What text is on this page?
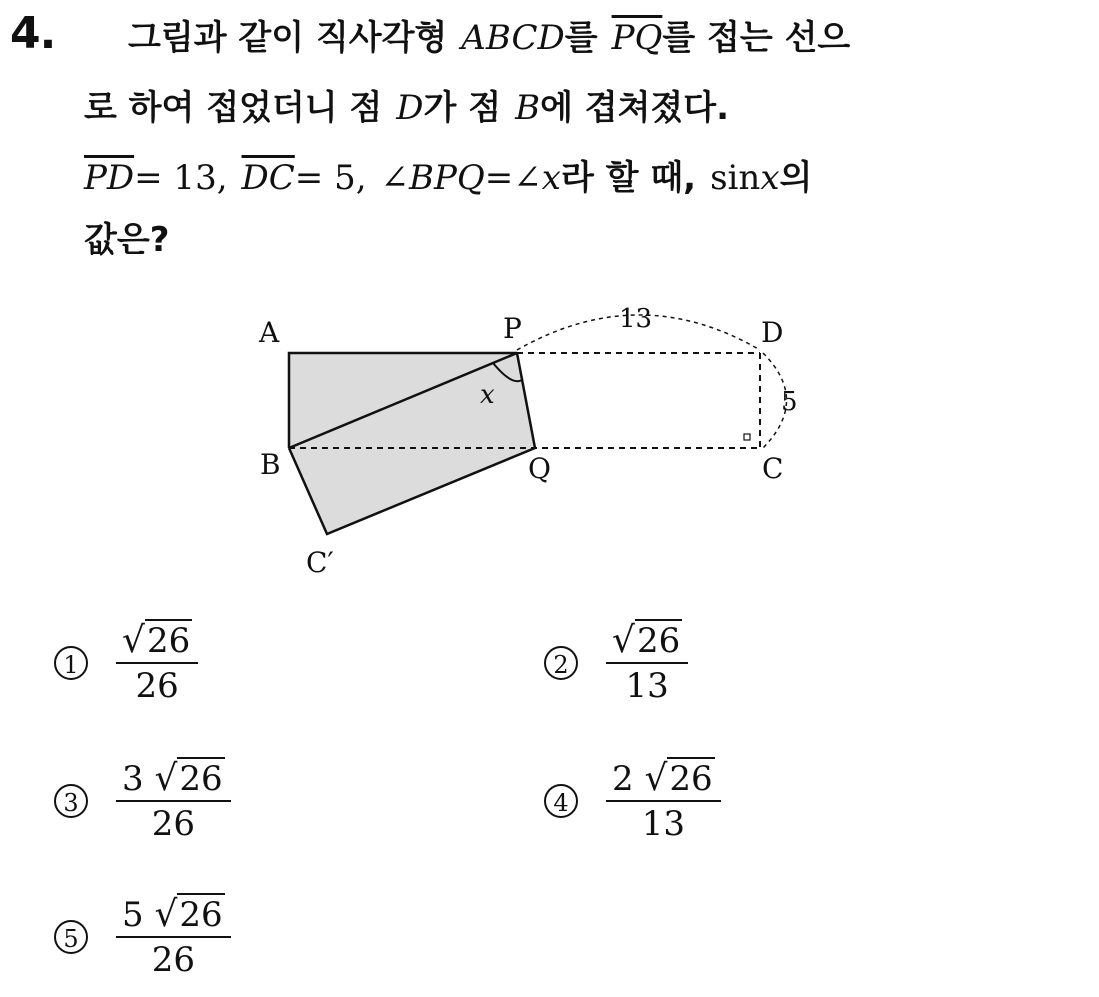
4. 그림과 같이 직사각형 ABCD를 $\overline{PQ}$를 접는 선으
로 하여 접었더니 점 D가 점 B에 겹쳐졌다.
$\overline{PD}= 13$, $\overline{DC}= 5$, ∠BPQ=∠x라 할 때, sinx의
값은?
A	P	D
B	Q	C
C′
13
5
x
1
√26
26
2
√26
13
3
3 √26
26
4
2 √26
13
5
5 √26
26
